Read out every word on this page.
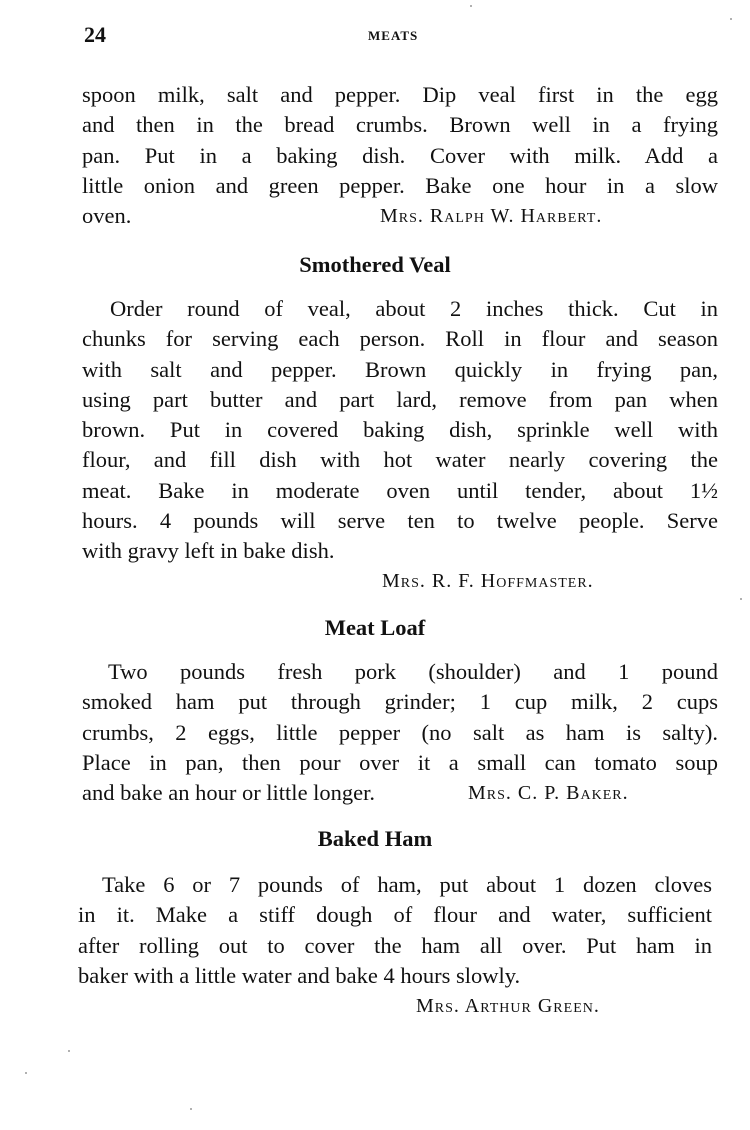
24	MEATS
spoon milk, salt and pepper. Dip veal first in the egg
and then in the bread crumbs. Brown well in a frying
pan. Put in a baking dish. Cover with milk. Add a
little onion and green pepper. Bake one hour in a slow
oven.	Mrs. Ralph W. Harbert.
Smothered Veal
Order round of veal, about 2 inches thick. Cut in
chunks for serving each person. Roll in flour and season
with salt and pepper. Brown quickly in frying pan,
using part butter and part lard, remove from pan when
brown. Put in covered baking dish, sprinkle well with
flour, and fill dish with hot water nearly covering the
meat. Bake in moderate oven until tender, about 1½
hours. 4 pounds will serve ten to twelve people. Serve
with gravy left in bake dish.
Mrs. R. F. Hoffmaster.
Meat Loaf
Two pounds fresh pork (shoulder) and 1 pound
smoked ham put through grinder; 1 cup milk, 2 cups
crumbs, 2 eggs, little pepper (no salt as ham is salty).
Place in pan, then pour over it a small can tomato soup
and bake an hour or little longer.	Mrs. C. P. Baker.
Baked Ham
Take 6 or 7 pounds of ham, put about 1 dozen cloves
in it. Make a stiff dough of flour and water, sufficient
after rolling out to cover the ham all over. Put ham in
baker with a little water and bake 4 hours slowly.
Mrs. Arthur Green.
